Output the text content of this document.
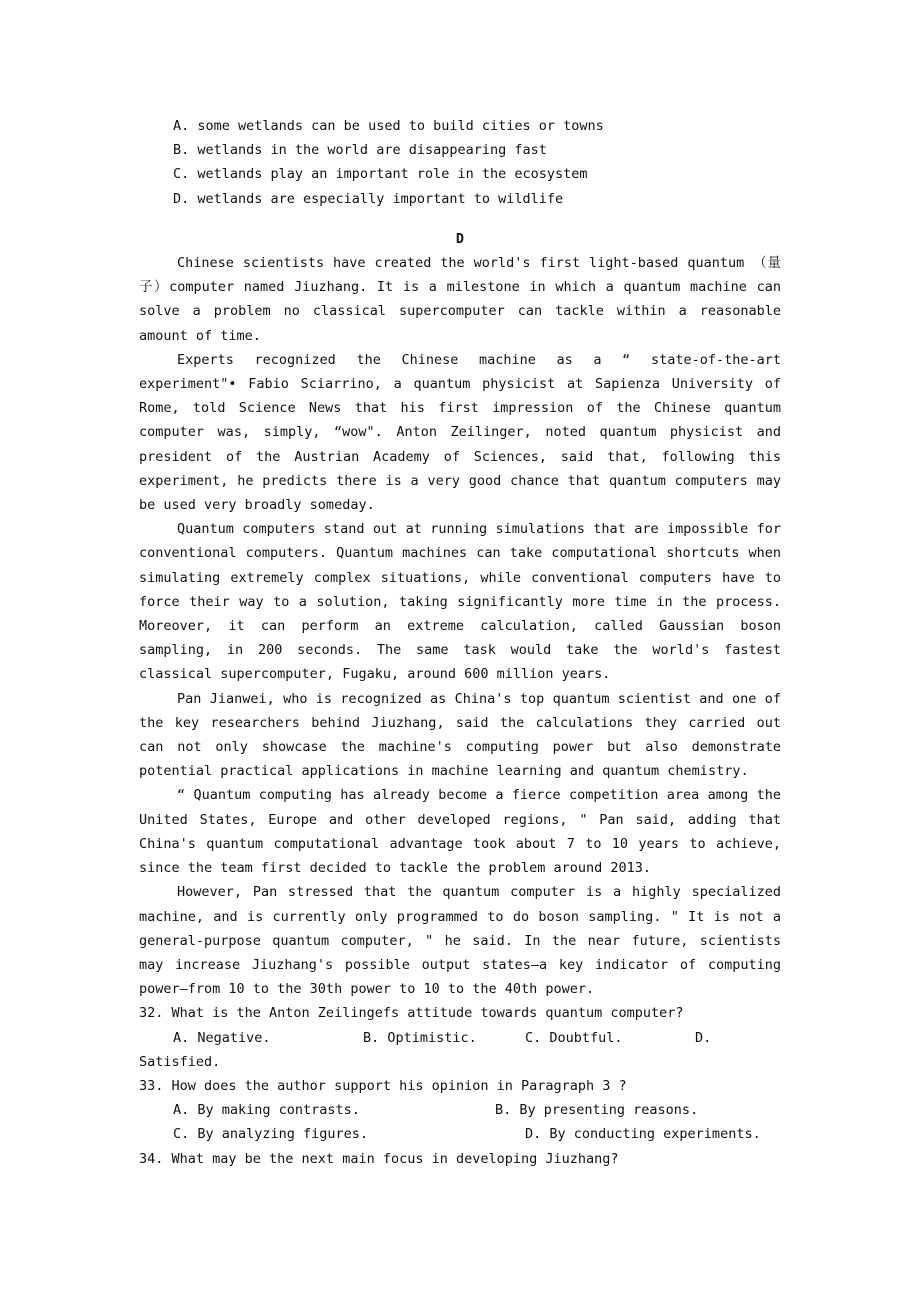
A. some wetlands can be used to build cities or towns
B. wetlands in the world are disappearing fast
C. wetlands play an important role in the ecosystem
D. wetlands are especially important to wildlife
D

Chinese scientists have created the world's first light-based quantum （量子）computer named Jiuzhang. It is a milestone in which a quantum machine can solve a problem no classical supercomputer can tackle within a reasonable amount of time.

Experts recognized the Chinese machine as a “ state-of-the-art experiment"• Fabio Sciarrino, a quantum physicist at Sapienza University of Rome, told Science News that his first impression of the Chinese quantum computer was, simply, “wow". Anton Zeilinger, noted quantum physicist and president of the Austrian Academy of Sciences, said that, following this experiment, he predicts there is a very good chance that quantum computers may be used very broadly someday.

Quantum computers stand out at running simulations that are impossible for conventional computers. Quantum machines can take computational shortcuts when simulating extremely complex situations, while conventional computers have to force their way to a solution, taking significantly more time in the process. Moreover, it can perform an extreme calculation, called Gaussian boson sampling, in 200 seconds. The same task would take the world's fastest classical supercomputer, Fugaku, around 600 million years.

Pan Jianwei, who is recognized as China's top quantum scientist and one of the key researchers behind Jiuzhang, said the calculations they carried out can not only showcase the machine's computing power but also demonstrate potential practical applications in machine learning and quantum chemistry.

“ Quantum computing has already become a fierce competition area among the United States, Europe and other developed regions, " Pan said, adding that China's quantum computational advantage took about 7 to 10 years to achieve, since the team first decided to tackle the problem around 2013.

However, Pan stressed that the quantum computer is a highly specialized machine, and is currently only programmed to do boson sampling. " It is not a general-purpose quantum computer, " he said. In the near future, scientists may increase Jiuzhang's possible output states—a key indicator of computing power—from 10 to the 30th power to 10 to the 40th power.

32. What is the Anton Zeilingefs attitude towards quantum computer?

A. Negative.	B. Optimistic.	C. Doubtful.	D.

Satisfied.

33. How does the author support his opinion in Paragraph 3 ?

A. By making contrasts.	B. By presenting reasons.
C. By analyzing figures.	D. By conducting experiments.

34. What may be the next main focus in developing Jiuzhang?
